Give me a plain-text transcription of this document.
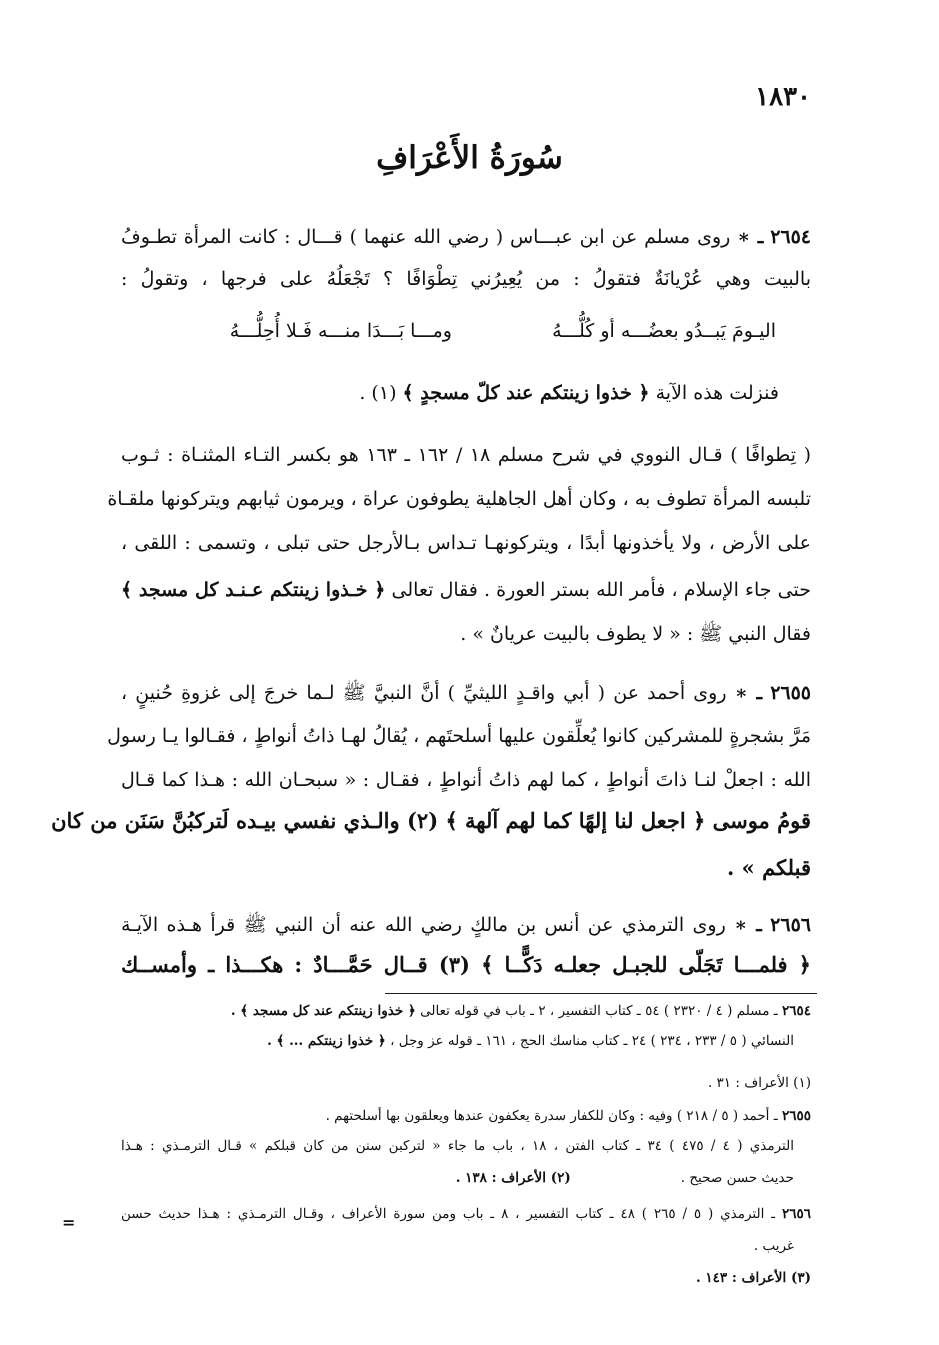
١٨٣٠
سُورَةُ الأَعْرَافِ
٢٦٥٤ ـ ∗ روى مسلم عن ابن عبـــاس ( رضي الله عنهما ) قـــال : كانت المرأة تطـوفُ
بالبيت وهي عُرْيانَةٌ فتقولُ : من يُعِيرُني تِطْوَافًا ؟ تَجْعَلُهُ على فرجها ، وتقولُ :
اليـومَ يَبــدُو بعضُـــه أو كُلُّـــهُ
ومـــا بَـــدَا منـــه فَـلا أُحِلُّـــهُ
فنزلت هذه الآية ﴿ خذوا زينتكم عند كلّ مسجدٍ ﴾ (١) .
( تِطوافًا ) قـال النووي في شرح مسلم ١٨ / ١٦٢ ـ ١٦٣ هو بكسر التـاء المثنـاة : ثـوب
تلبسه المرأة تطوف به ، وكان أهل الجاهلية يطوفون عراة ، ويرمون ثيابهم ويتركونها ملقـاة
على الأرض ، ولا يأخذونها أبدًا ، ويتركونهـا تـداس بـالأرجل حتى تبلى ، وتسمى : اللقى ،
حتى جاء الإسلام ، فأمر الله بستر العورة . فقال تعالى ﴿ خـذوا زينتكم عـنـد كل مسجد ﴾
فقال النبي ﷺ : « لا يطوف بالبيت عريانٌ » .
٢٦٥٥ ـ ∗ روى أحمد عن ( أبي واقـدٍ الليثيِّ ) أنَّ النبيَّ ﷺ لـما خرجَ إلى غزوةِ حُنينٍ ،
مَرَّ بشجرةٍ للمشركين كانوا يُعلِّقون عليها أسلحتَهم ، يُقالُ لهـا ذاتُ أنواطٍ ، فقـالوا يـا رسول
الله : اجعلْ لنـا ذاتَ أنواطٍ ، كما لهم ذاتُ أنواطٍ ، فقـال : « سبحـان الله : هـذا كما قـال
قومُ موسى ﴿ اجعل لنا إلهًا كما لهم آلهة ﴾ (٢) والـذي نفسي بيـده لَتركبُنَّ سَنَن من كان
قبلكم » .
٢٦٥٦ ـ ∗ روى الترمذي عن أنس بن مالكٍ رضي الله عنه أن النبي ﷺ قرأ هـذه الآيـة
﴿ فلمـــا تَجَلّى للجبـل جعلـه دَكًّــا ﴾ (٣) قــال حَمَّـــادٌ : هكـــذا ـ وأمســك
٢٦٥٤ ـ مسلم ( ٤ / ٢٣٢٠ ) ٥٤ ـ كتاب التفسير ، ٢ ـ باب في قوله تعالى ﴿ خذوا زينتكم عند كل مسجد ﴾ .
النسائي ( ٥ / ٢٣٣ ، ٢٣٤ ) ٢٤ ـ كتاب مناسك الحج ، ١٦١ ـ قوله عز وجل ، ﴿ خذوا زينتكم ... ﴾ .
(١) الأعراف : ٣١ .
٢٦٥٥ ـ أحمد ( ٥ / ٢١٨ ) وفيه : وكان للكفار سدرة يعكفون عندها ويعلقون بها أسلحتهم .
الترمذي ( ٤ / ٤٧٥ ) ٣٤ ـ كتاب الفتن ، ١٨ ، باب ما جاء « لتركبن سنن من كان قبلكم » قـال الترمـذي : هـذا
حديث حسن صحيح .(٢) الأعراف : ١٣٨ .
٢٦٥٦ ـ الترمذي ( ٥ / ٢٦٥ ) ٤٨ ـ كتاب التفسير ، ٨ ـ باب ومن سورة الأعراف ، وقـال الترمـذي : هـذا حديث حسن
غريب .
(٣) الأعراف : ١٤٣ .
=
